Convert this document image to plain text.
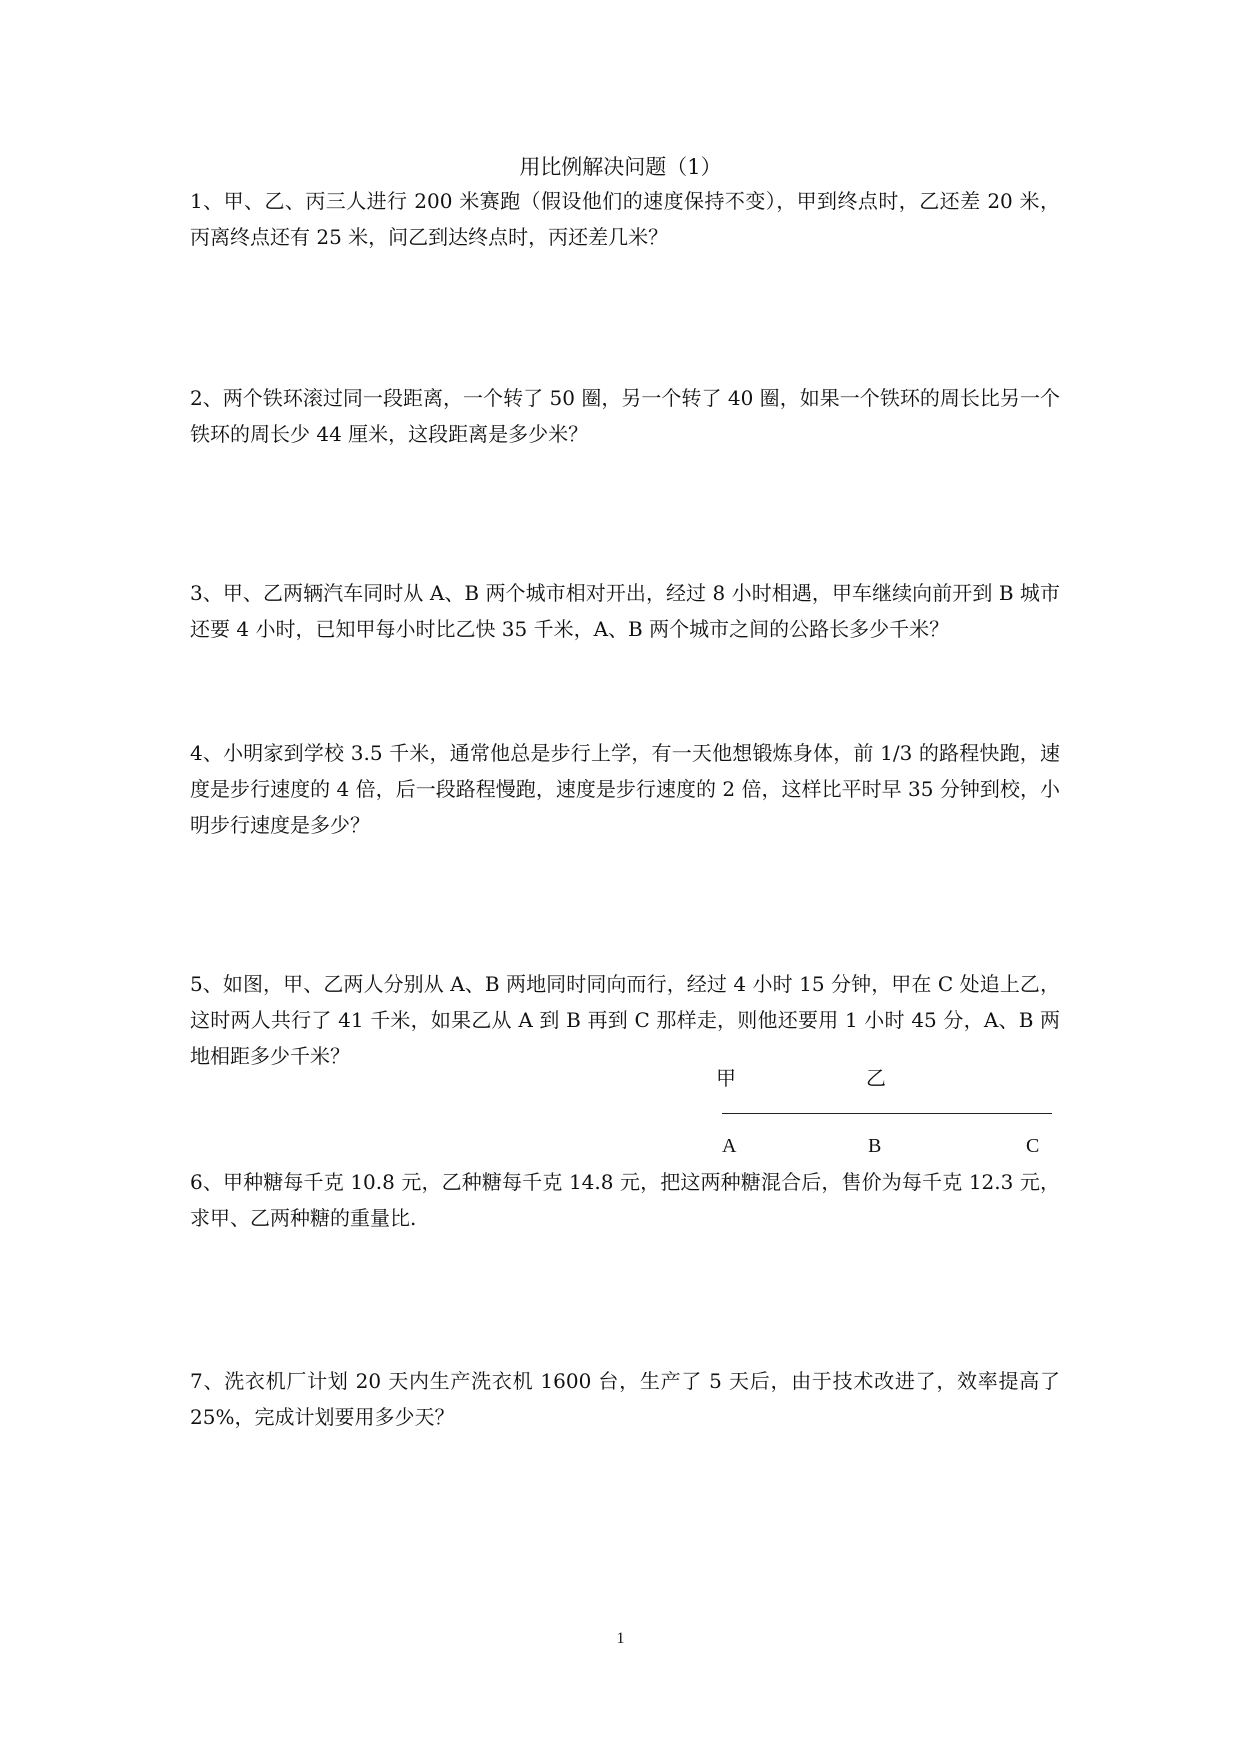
用比例解决问题（1）

1、甲、乙、丙三人进行 200 米赛跑（假设他们的速度保持不变），甲到终点时，乙还差 20 米，丙离终点还有 25 米，问乙到达终点时，丙还差几米？

2、两个铁环滚过同一段距离，一个转了 50 圈，另一个转了 40 圈，如果一个铁环的周长比另一个铁环的周长少 44 厘米，这段距离是多少米？

3、甲、乙两辆汽车同时从 A、B 两个城市相对开出，经过 8 小时相遇，甲车继续向前开到 B 城市还要 4 小时，已知甲每小时比乙快 35 千米，A、B 两个城市之间的公路长多少千米？

4、小明家到学校 3.5 千米，通常他总是步行上学，有一天他想锻炼身体，前 1/3 的路程快跑，速度是步行速度的 4 倍，后一段路程慢跑，速度是步行速度的 2 倍，这样比平时早 35 分钟到校，小明步行速度是多少？

5、如图，甲、乙两人分别从 A、B 两地同时同向而行，经过 4 小时 15 分钟，甲在 C 处追上乙，这时两人共行了 41 千米，如果乙从 A 到 B 再到 C 那样走，则他还要用 1 小时 45 分，A、B 两地相距多少千米？

甲	乙
A	B	C

6、甲种糖每千克 10.8 元，乙种糖每千克 14.8 元，把这两种糖混合后，售价为每千克 12.3 元，求甲、乙两种糖的重量比.

7、洗衣机厂计划 20 天内生产洗衣机 1600 台，生产了 5 天后，由于技术改进了，效率提高了 25%，完成计划要用多少天？

1
